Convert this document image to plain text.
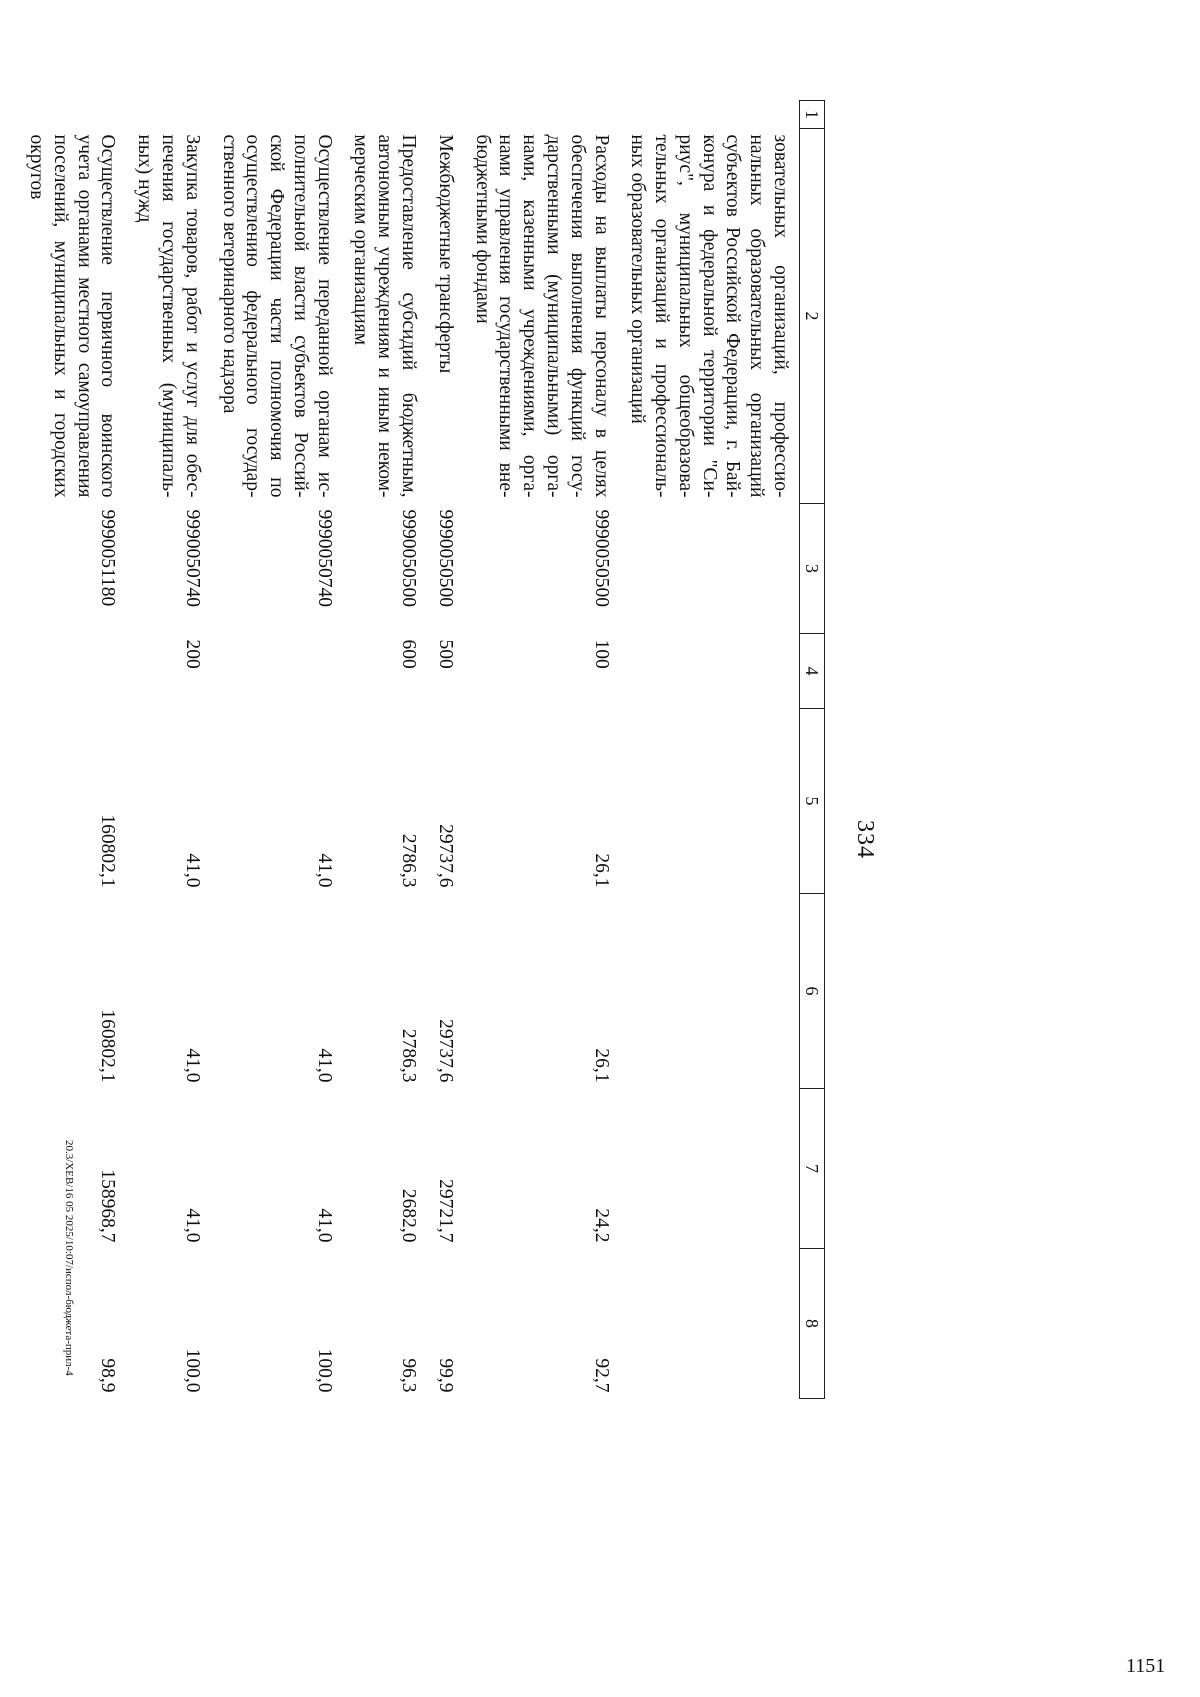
334
1	2	3	4	5	6	7	8
	зовательных организаций, профессио-нальных образовательных организаций субъектов Российской Федерации, г. Бай-конура и федеральной территории "Си-риус", муниципальных общеобразова-тельных организаций и профессиональ-ных образовательных организаций						
	Расходы на выплаты персоналу в целях обеспечения выполнения функций госу-дарственными (муниципальными) орга-нами, казенными учреждениями, орга-нами управления государственными вне-бюджетными фондами	9990050500	100	26,1	26,1	24,2	92,7
	Межбюджетные трансферты	9990050500	500	29737,6	29737,6	29721,7	99,9
	Предоставление субсидий бюджетным, автономным учреждениям и иным неком-мерческим организациям	9990050500	600	2786,3	2786,3	2682,0	96,3
	Осуществление переданной органам ис-полнительной власти субъектов Россий-ской Федерации части полномочия по осуществлению федерального государ-ственного ветеринарного надзора	9990050740		41,0	41,0	41,0	100,0
	Закупка товаров, работ и услуг для обес-печения государственных (муниципаль-ных) нужд	9990050740	200	41,0	41,0	41,0	100,0
	Осуществление первичного воинского учета органами местного самоуправления поселений, муниципальных и городских округов	9990051180		160802,1	160802,1	158968,7	98,9
20.3/XEB/16 05 2025/10:07/испол-бюджета-прил-4
1151
